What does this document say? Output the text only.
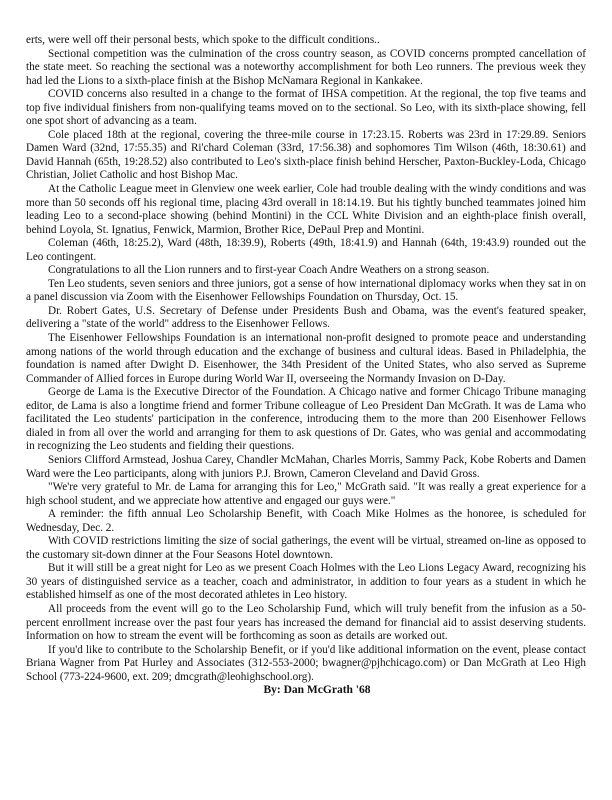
erts, were well off their personal bests, which spoke to the difficult conditions..

Sectional competition was the culmination of the cross country season, as COVID concerns prompted cancellation of the state meet. So reaching the sectional was a noteworthy accomplishment for both Leo runners. The previous week they had led the Lions to a sixth-place finish at the Bishop McNamara Regional in Kankakee.

COVID concerns also resulted in a change to the format of IHSA competition. At the regional, the top five teams and top five individual finishers from non-qualifying teams moved on to the sectional. So Leo, with its sixth-place showing, fell one spot short of advancing as a team.

Cole placed 18th at the regional, covering the three-mile course in 17:23.15. Roberts was 23rd in 17:29.89. Seniors Damen Ward (32nd, 17:55.35) and Ri'chard Coleman (33rd, 17:56.38) and sophomores Tim Wilson (46th, 18:30.61) and David Hannah (65th, 19:28.52) also contributed to Leo's sixth-place finish behind Herscher, Paxton-Buckley-Loda, Chicago Christian, Joliet Catholic and host Bishop Mac.

At the Catholic League meet in Glenview one week earlier, Cole had trouble dealing with the windy conditions and was more than 50 seconds off his regional time, placing 43rd overall in 18:14.19. But his tightly bunched teammates joined him leading Leo to a second-place showing (behind Montini) in the CCL White Division and an eighth-place finish overall, behind Loyola, St. Ignatius, Fenwick, Marmion, Brother Rice, DePaul Prep and Montini.

Coleman (46th, 18:25.2), Ward (48th, 18:39.9), Roberts (49th, 18:41.9) and Hannah (64th, 19:43.9) rounded out the Leo contingent.

Congratulations to all the Lion runners and to first-year Coach Andre Weathers on a strong season.

Ten Leo students, seven seniors and three juniors, got a sense of how international diplomacy works when they sat in on a panel discussion via Zoom with the Eisenhower Fellowships Foundation on Thursday, Oct. 15.

Dr. Robert Gates, U.S. Secretary of Defense under Presidents Bush and Obama, was the event's featured speaker, delivering a "state of the world" address to the Eisenhower Fellows.

The Eisenhower Fellowships Foundation is an international non-profit designed to promote peace and understanding among nations of the world through education and the exchange of business and cultural ideas. Based in Philadelphia, the foundation is named after Dwight D. Eisenhower, the 34th President of the United States, who also served as Supreme Commander of Allied forces in Europe during World War II, overseeing the Normandy Invasion on D-Day.

George de Lama is the Executive Director of the Foundation. A Chicago native and former Chicago Tribune managing editor, de Lama is also a longtime friend and former Tribune colleague of Leo President Dan McGrath. It was de Lama who facilitated the Leo students' participation in the conference, introducing them to the more than 200 Eisenhower Fellows dialed in from all over the world and arranging for them to ask questions of Dr. Gates, who was genial and accommodating in recognizing the Leo students and fielding their questions.

Seniors Clifford Armstead, Joshua Carey, Chandler McMahan, Charles Morris, Sammy Pack, Kobe Roberts and Damen Ward were the Leo participants, along with juniors P.J. Brown, Cameron Cleveland and David Gross.

"We're very grateful to Mr. de Lama for arranging this for Leo," McGrath said. "It was really a great experience for a high school student, and we appreciate how attentive and engaged our guys were."

A reminder: the fifth annual Leo Scholarship Benefit, with Coach Mike Holmes as the honoree, is scheduled for Wednesday, Dec. 2.

With COVID restrictions limiting the size of social gatherings, the event will be virtual, streamed on-line as opposed to the customary sit-down dinner at the Four Seasons Hotel downtown.

But it will still be a great night for Leo as we present Coach Holmes with the Leo Lions Legacy Award, recognizing his 30 years of distinguished service as a teacher, coach and administrator, in addition to four years as a student in which he established himself as one of the most decorated athletes in Leo history.

All proceeds from the event will go to the Leo Scholarship Fund, which will truly benefit from the infusion as a 50-percent enrollment increase over the past four years has increased the demand for financial aid to assist deserving students. Information on how to stream the event will be forthcoming as soon as details are worked out.

If you'd like to contribute to the Scholarship Benefit, or if you'd like additional information on the event, please contact Briana Wagner from Pat Hurley and Associates (312-553-2000; bwagner@pjhchicago.com) or Dan McGrath at Leo High School (773-224-9600, ext. 209; dmcgrath@leohighschool.org).

By: Dan McGrath '68
